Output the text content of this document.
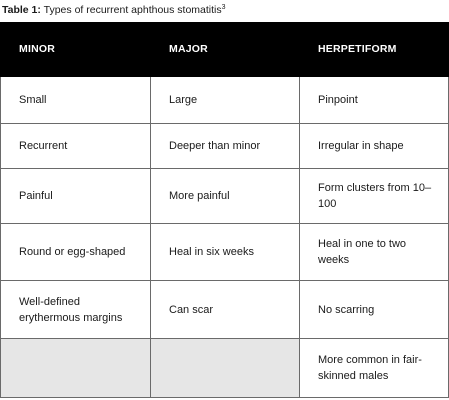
Table 1: Types of recurrent aphthous stomatitis$^3$
MINOR	MAJOR	HERPETIFORM
Small	Large	Pinpoint
Recurrent	Deeper than minor	Irregular in shape
Painful	More painful	Form clusters from 10–100
Round or egg-shaped	Heal in six weeks	Heal in one to two weeks
Well-defined erythermous margins	Can scar	No scarring
		More common in fair-skinned males
